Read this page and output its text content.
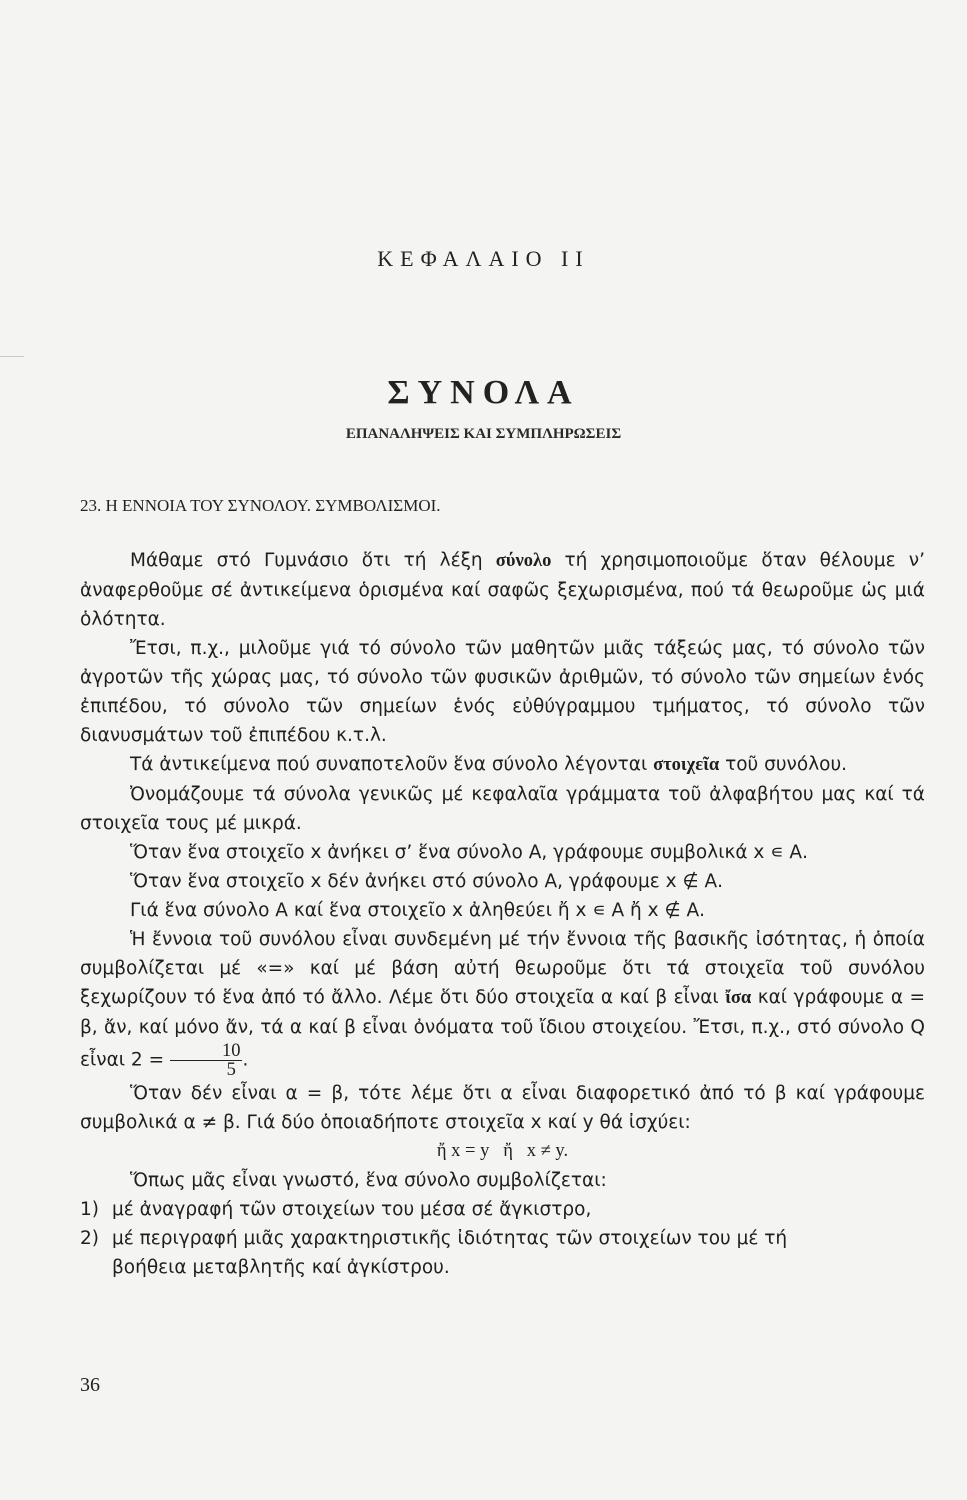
ΚΕΦΑΛΑΙΟ ΙΙ
ΣΥΝΟΛΑ
ΕΠΑΝΑΛΗΨΕΙΣ ΚΑΙ ΣΥΜΠΛΗΡΩΣΕΙΣ
23. Η ΕΝΝΟΙΑ ΤΟΥ ΣΥΝΟΛΟΥ. ΣΥΜΒΟΛΙΣΜΟΙ.

Μάθαμε στό Γυμνάσιο ὅτι τή λέξη σύνολο τή χρησιμοποιοῦμε ὅταν θέλουμε ν’ ἀναφερθοῦμε σέ ἀντικείμενα ὁρισμένα καί σαφῶς ξεχωρισμένα, πού τά θεωροῦμε ὡς μιά ὁλότητα.

Ἔτσι, π.χ., μιλοῦμε γιά τό σύνολο τῶν μαθητῶν μιᾶς τάξεώς μας, τό σύνολο τῶν ἀγροτῶν τῆς χώρας μας, τό σύνολο τῶν φυσικῶν ἀριθμῶν, τό σύνολο τῶν σημείων ἑνός ἐπιπέδου, τό σύνολο τῶν σημείων ἑνός εὐθύγραμμου τμήματος, τό σύνολο τῶν διανυσμάτων τοῦ ἐπιπέδου κ.τ.λ.

Τά ἀντικείμενα πού συναποτελοῦν ἕνα σύνολο λέγονται στοιχεῖα τοῦ συνόλου.

Ὀνομάζουμε τά σύνολα γενικῶς μέ κεφαλαῖα γράμματα τοῦ ἀλφαβήτου μας καί τά στοιχεῖα τους μέ μικρά.

Ὅταν ἕνα στοιχεῖο x ἀνήκει σ’ ἕνα σύνολο Α, γράφουμε συμβολικά x ∊ Α.

Ὅταν ἕνα στοιχεῖο x δέν ἀνήκει στό σύνολο Α, γράφουμε x ∉ Α.

Γιά ἕνα σύνολο Α καί ἕνα στοιχεῖο x ἀληθεύει ἤ x ∊ Α ἤ x ∉ Α.

Ἡ ἔννοια τοῦ συνόλου εἶναι συνδεμένη μέ τήν ἔννοια τῆς βασικῆς ἰσότητας, ἡ ὁποία συμβολίζεται μέ «=» καί μέ βάση αὐτή θεωροῦμε ὅτι τά στοιχεῖα τοῦ συνόλου ξεχωρίζουν τό ἕνα ἀπό τό ἄλλο. Λέμε ὅτι δύο στοιχεῖα α καί β εἶναι ἴσα καί γράφουμε α = β, ἄν, καί μόνο ἄν, τά α καί β εἶναι ὀνόματα τοῦ ἴδιου στοιχείου. Ἔτσι, π.χ., στό σύνολο Q εἶναι $2 = \frac{10}{5}$ .

Ὅταν δέν εἶναι α = β, τότε λέμε ὅτι α εἶναι διαφορετικό ἀπό τό β καί γράφουμε συμβολικά α ≠ β. Γιά δύο ὁποιαδήποτε στοιχεῖα x καί y θά ἰσχύει:

ἤ x = y   ἤ   x ≠ y.

Ὅπως μᾶς εἶναι γνωστό, ἕνα σύνολο συμβολίζεται:

1) μέ ἀναγραφή τῶν στοιχείων του μέσα σέ ἄγκιστρο,
2) μέ περιγραφή μιᾶς χαρακτηριστικῆς ἰδιότητας τῶν στοιχείων του μέ τή
βοήθεια μεταβλητῆς καί ἀγκίστρου.
36
